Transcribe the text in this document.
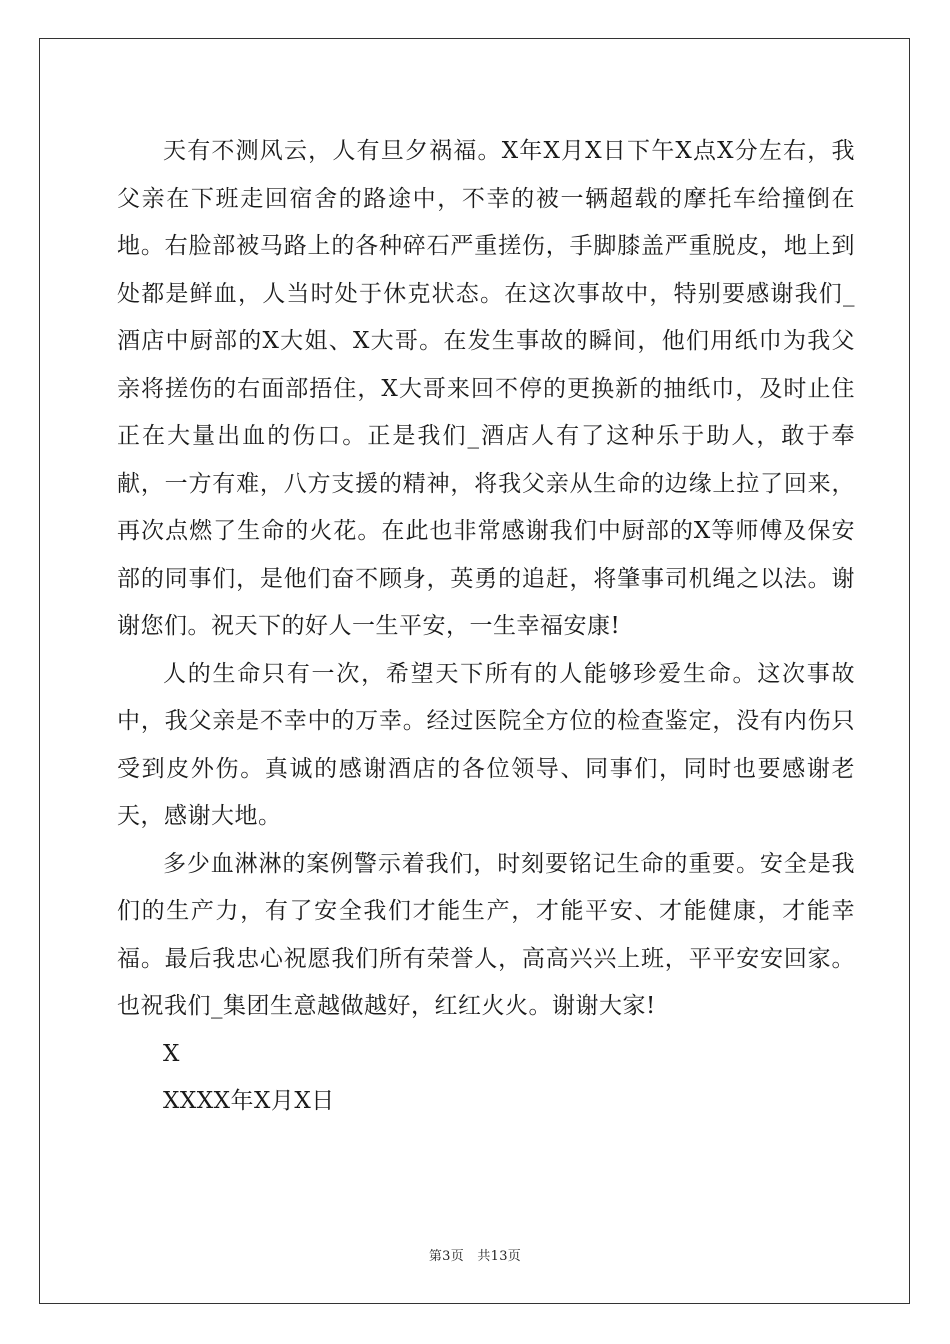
天有不测风云，人有旦夕祸福。X年X月X日下午X点X分左右，我父亲在下班走回宿舍的路途中，不幸的被一辆超载的摩托车给撞倒在地。右脸部被马路上的各种碎石严重搓伤，手脚膝盖严重脱皮，地上到处都是鲜血，人当时处于休克状态。在这次事故中，特别要感谢我们_酒店中厨部的X大姐、X大哥。在发生事故的瞬间，他们用纸巾为我父亲将搓伤的右面部捂住，X大哥来回不停的更换新的抽纸巾，及时止住正在大量出血的伤口。正是我们_酒店人有了这种乐于助人，敢于奉献，一方有难，八方支援的精神，将我父亲从生命的边缘上拉了回来，再次点燃了生命的火花。在此也非常感谢我们中厨部的X等师傅及保安部的同事们，是他们奋不顾身，英勇的追赶，将肇事司机绳之以法。谢谢您们。祝天下的好人一生平安，一生幸福安康!

人的生命只有一次，希望天下所有的人能够珍爱生命。这次事故中，我父亲是不幸中的万幸。经过医院全方位的检查鉴定，没有内伤只受到皮外伤。真诚的感谢酒店的各位领导、同事们，同时也要感谢老天，感谢大地。

多少血淋淋的案例警示着我们，时刻要铭记生命的重要。安全是我们的生产力，有了安全我们才能生产，才能平安、才能健康，才能幸福。最后我忠心祝愿我们所有荣誉人，高高兴兴上班，平平安安回家。也祝我们_集团生意越做越好，红红火火。谢谢大家!

X

XXXX年X月X日

第3页 共13页
